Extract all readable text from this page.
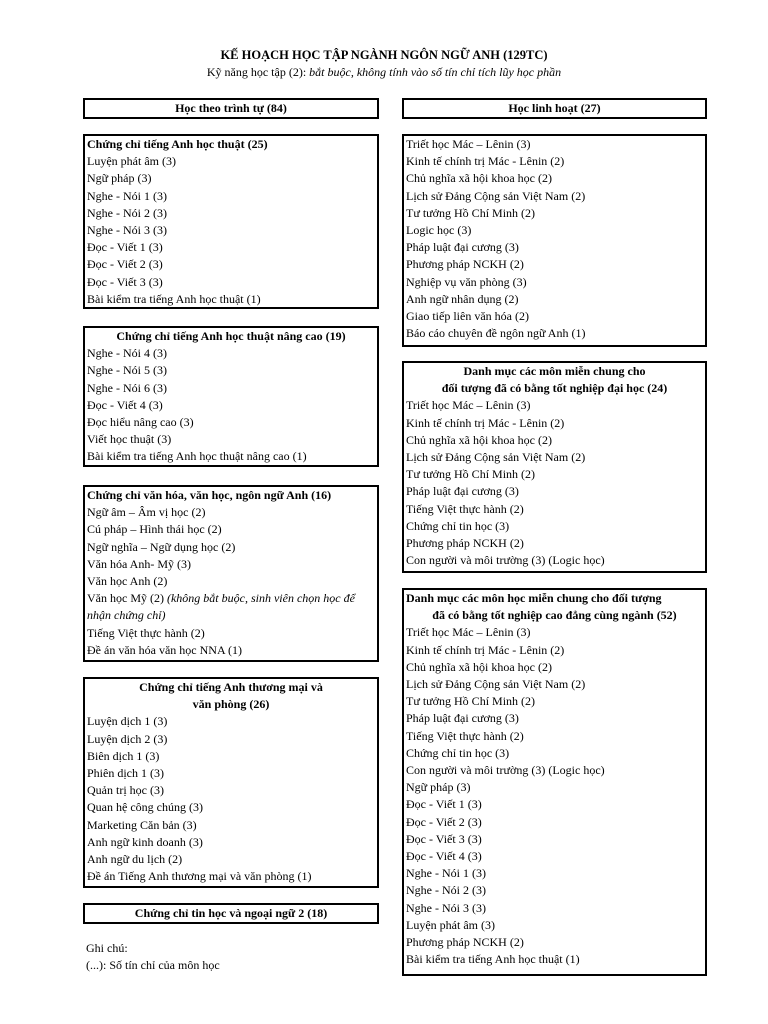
KẾ HOẠCH HỌC TẬP NGÀNH NGÔN NGỮ ANH (129TC)
Kỹ năng học tập (2): bắt buộc, không tính vào số tín chỉ tích lũy học phần
Học theo trình tự (84)
Chứng chỉ tiếng Anh học thuật (25)
Luyện phát âm (3)
Ngữ pháp (3)
Nghe - Nói 1 (3)
Nghe - Nói 2 (3)
Nghe - Nói 3 (3)
Đọc - Viết 1 (3)
Đọc - Viết 2 (3)
Đọc - Viết 3 (3)
Bài kiểm tra tiếng Anh học thuật (1)
Chứng chỉ tiếng Anh học thuật nâng cao (19)
Nghe - Nói 4 (3)
Nghe - Nói 5 (3)
Nghe - Nói 6 (3)
Đọc - Viết 4 (3)
Đọc hiểu nâng cao (3)
Viết học thuật (3)
Bài kiểm tra tiếng Anh học thuật nâng cao (1)
Chứng chỉ văn hóa, văn học, ngôn ngữ Anh (16)
Ngữ âm – Âm vị học (2)
Cú pháp – Hình thái học (2)
Ngữ nghĩa – Ngữ dụng học (2)
Văn hóa Anh- Mỹ (3)
Văn học Anh (2)
Văn học Mỹ (2) (không bắt buộc, sinh viên chọn học để nhận chứng chỉ)
Tiếng Việt thực hành (2)
Đề án văn hóa văn học NNA (1)
Chứng chỉ tiếng Anh thương mại và
văn phòng (26)
Luyện dịch 1 (3)
Luyện dịch 2 (3)
Biên dịch 1 (3)
Phiên dịch 1 (3)
Quản trị học (3)
Quan hệ công chúng (3)
Marketing Căn bản (3)
Anh ngữ kinh doanh (3)
Anh ngữ du lịch (2)
Đề án Tiếng Anh thương mại và văn phòng (1)
Chứng chỉ tin học và ngoại ngữ 2 (18)
Ghi chú:
(...): Số tín chỉ của môn học
Học linh hoạt (27)
Triết học Mác – Lênin (3)
Kinh tế chính trị Mác - Lênin (2)
Chủ nghĩa xã hội khoa học (2)
Lịch sử Đảng Cộng sản Việt Nam (2)
Tư tưởng Hồ Chí Minh (2)
Logic học (3)
Pháp luật đại cương (3)
Phương pháp NCKH (2)
Nghiệp vụ văn phòng (3)
Anh ngữ nhân dụng (2)
Giao tiếp liên văn hóa (2)
Báo cáo chuyên đề ngôn ngữ Anh (1)
Danh mục các môn miễn chung cho
đối tượng đã có bằng tốt nghiệp đại học (24)
Triết học Mác – Lênin (3)
Kinh tế chính trị Mác - Lênin (2)
Chủ nghĩa xã hội khoa học (2)
Lịch sử Đảng Cộng sản Việt Nam (2)
Tư tưởng Hồ Chí Minh (2)
Pháp luật đại cương (3)
Tiếng Việt thực hành (2)
Chứng chỉ tin học (3)
Phương pháp NCKH (2)
Con người và môi trường (3) (Logic học)
Danh mục các môn học miễn chung cho đối tượng
đã có bằng tốt nghiệp cao đẳng cùng ngành (52)
Triết học Mác – Lênin (3)
Kinh tế chính trị Mác - Lênin (2)
Chủ nghĩa xã hội khoa học (2)
Lịch sử Đảng Cộng sản Việt Nam (2)
Tư tưởng Hồ Chí Minh (2)
Pháp luật đại cương (3)
Tiếng Việt thực hành (2)
Chứng chỉ tin học (3)
Con người và môi trường (3) (Logic học)
Ngữ pháp (3)
Đọc - Viết 1 (3)
Đọc - Viết 2 (3)
Đọc - Viết 3 (3)
Đọc - Viết 4 (3)
Nghe - Nói 1 (3)
Nghe - Nói 2 (3)
Nghe - Nói 3 (3)
Luyện phát âm (3)
Phương pháp NCKH (2)
Bài kiểm tra tiếng Anh học thuật (1)
